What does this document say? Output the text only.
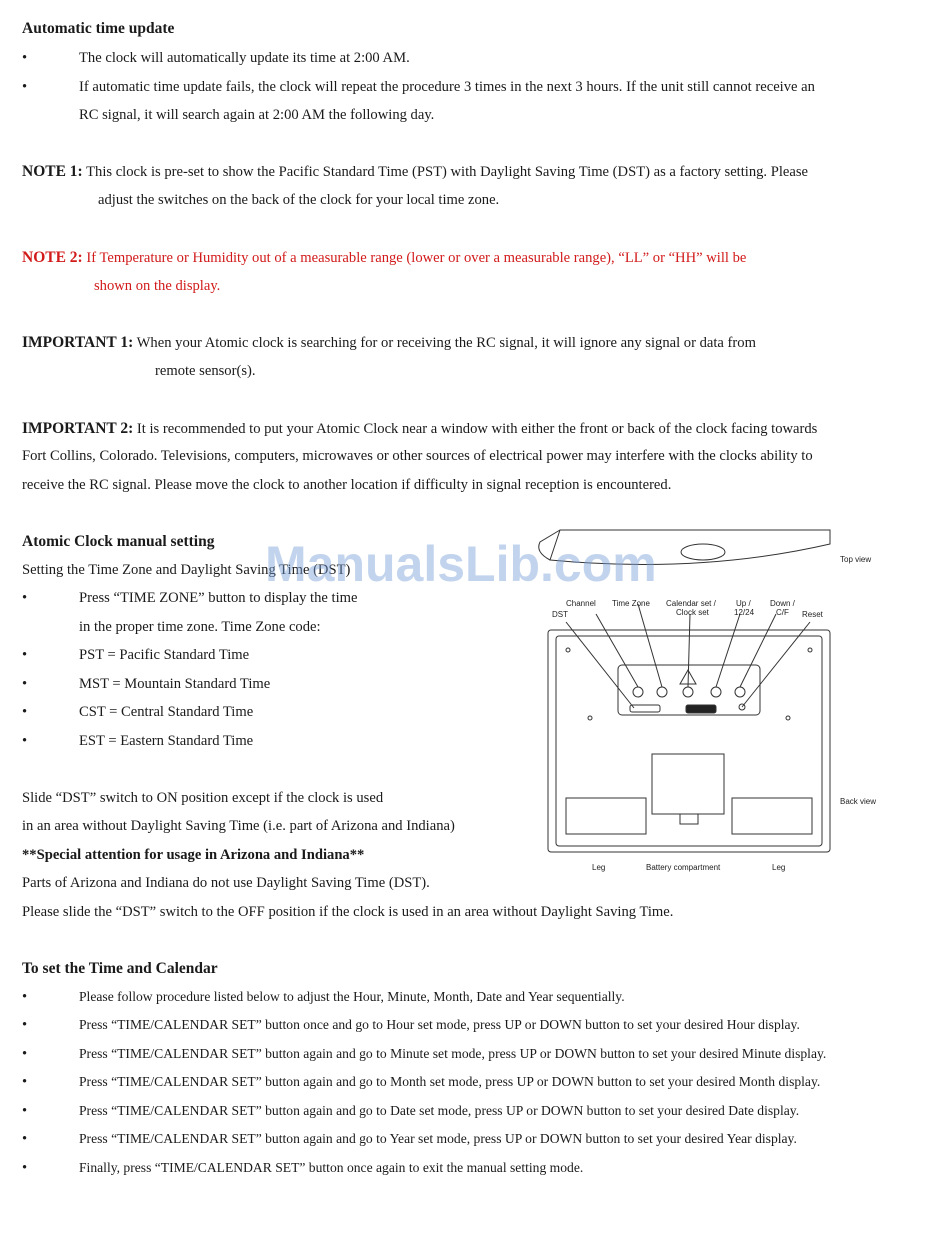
Automatic time update
•	The clock will automatically update its time at 2:00 AM.
•	If automatic time update fails, the clock will repeat the procedure 3 times in the next 3 hours. If the unit still cannot receive an
RC signal, it will search again at 2:00 AM the following day.
NOTE 1: This clock is pre-set to show the Pacific Standard Time (PST) with Daylight Saving Time (DST) as a factory setting. Please
adjust the switches on the back of the clock for your local time zone.
NOTE 2: If Temperature or Humidity out of a measurable range (lower or over a measurable range), “LL” or “HH” will be
shown on the display.
IMPORTANT 1: When your Atomic clock is searching for or receiving the RC signal, it will ignore any signal or data from
remote sensor(s).
IMPORTANT 2: It is recommended to put your Atomic Clock near a window with either the front or back of the clock facing towards
Fort Collins, Colorado. Televisions, computers, microwaves or other sources of electrical power may interfere with the clocks ability to
receive the RC signal. Please move the clock to another location if difficulty in signal reception is encountered.
Atomic Clock manual setting
Setting the Time Zone and Daylight Saving Time (DST)
•	Press “TIME ZONE” button to display the time
in the proper time zone. Time Zone code:
•	PST = Pacific Standard Time
•	MST = Mountain Standard Time
•	CST = Central Standard Time
•	EST = Eastern Standard Time
Slide “DST” switch to ON position except if the clock is used
in an area without Daylight Saving Time (i.e. part of Arizona and Indiana)
**Special attention for usage in Arizona and Indiana**
Parts of Arizona and Indiana do not use Daylight Saving Time (DST).
Please slide the “DST” switch to the OFF position if the clock is used in an area without Daylight Saving Time.
Top view
Back view
Channel Time Zone Calendar set /
Clock set
Up /
12/24
Down /
C/F
DST	Reset
Leg	Battery compartment	Leg
To set the Time and Calendar
•	Please follow procedure listed below to adjust the Hour, Minute, Month, Date and Year sequentially.
•	Press “TIME/CALENDAR SET” button once and go to Hour set mode, press UP or DOWN button to set your desired Hour display.
•	Press “TIME/CALENDAR SET” button again and go to Minute set mode, press UP or DOWN button to set your desired Minute display.
•	Press “TIME/CALENDAR SET” button again and go to Month set mode, press UP or DOWN button to set your desired Month display.
•	Press “TIME/CALENDAR SET” button again and go to Date set mode, press UP or DOWN button to set your desired Date display.
•	Press “TIME/CALENDAR SET” button again and go to Year set mode, press UP or DOWN button to set your desired Year display.
•	Finally, press “TIME/CALENDAR SET” button once again to exit the manual setting mode.
ManualsLib.com
